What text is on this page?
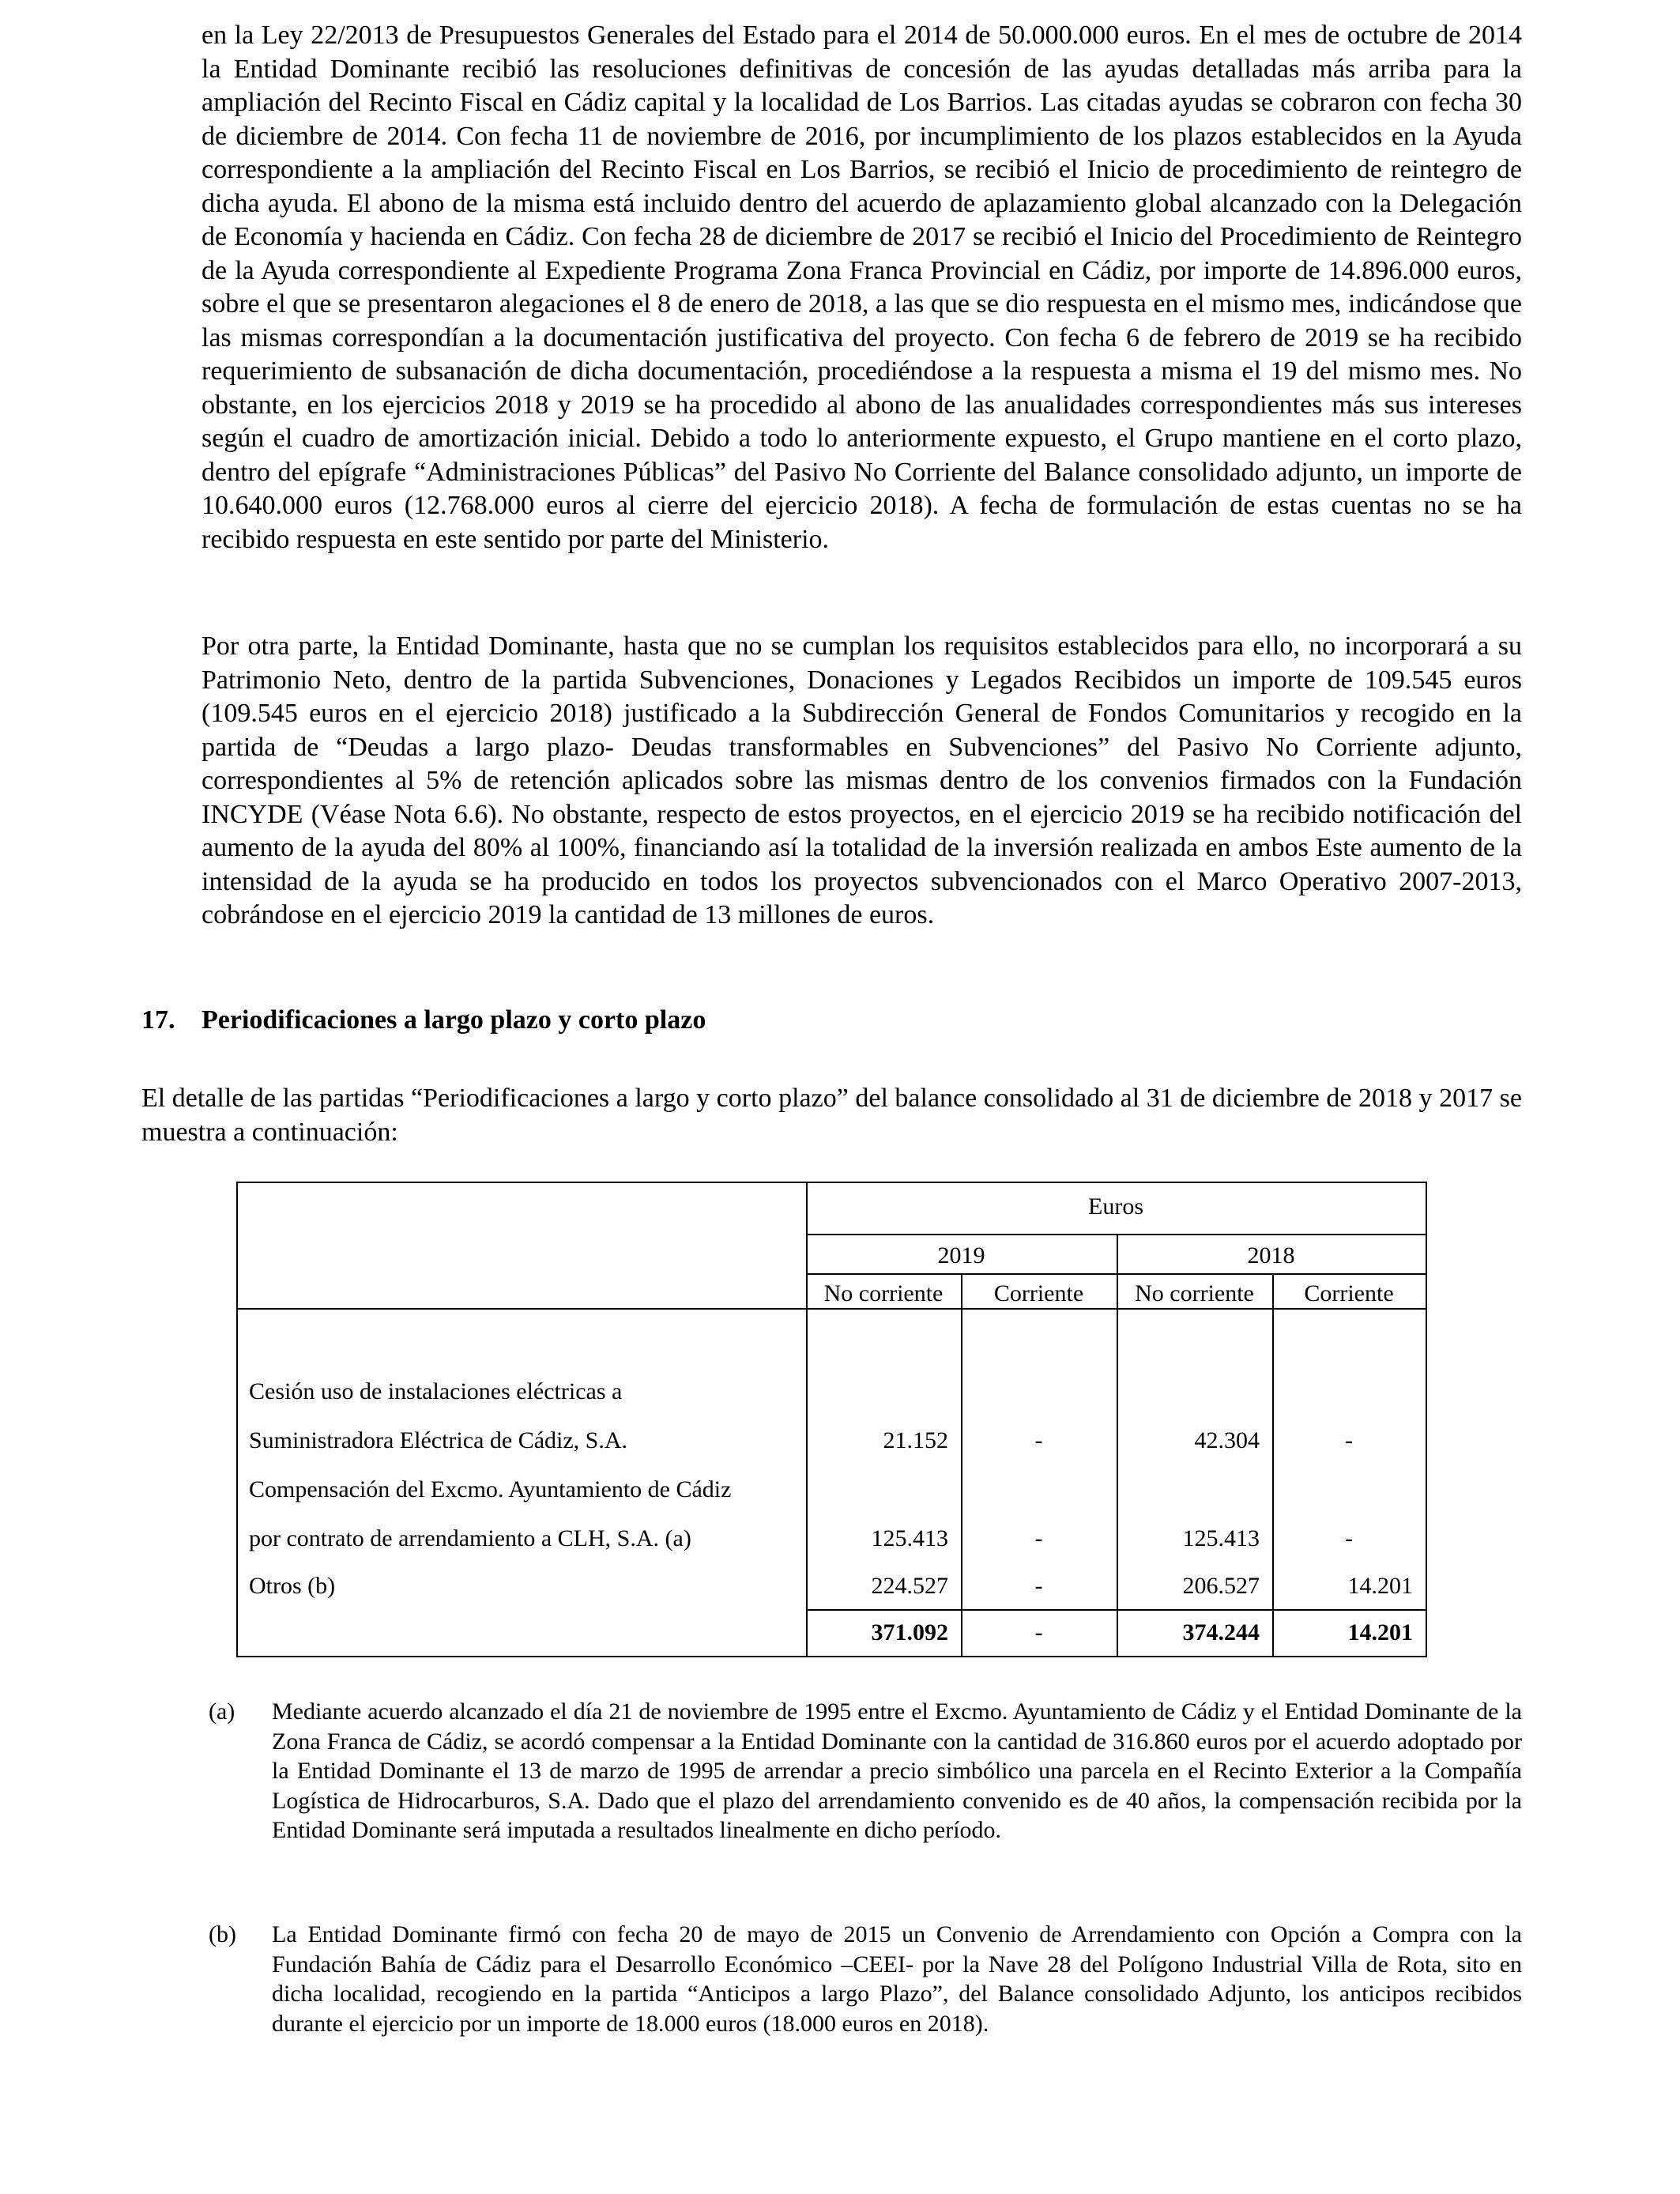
en la Ley 22/2013 de Presupuestos Generales del Estado para el 2014 de 50.000.000 euros. En el mes de octubre de 2014 la Entidad Dominante recibió las resoluciones definitivas de concesión de las ayudas detalladas más arriba para la ampliación del Recinto Fiscal en Cádiz capital y la localidad de Los Barrios. Las citadas ayudas se cobraron con fecha 30 de diciembre de 2014. Con fecha 11 de noviembre de 2016, por incumplimiento de los plazos establecidos en la Ayuda correspondiente a la ampliación del Recinto Fiscal en Los Barrios, se recibió el Inicio de procedimiento de reintegro de dicha ayuda. El abono de la misma está incluido dentro del acuerdo de aplazamiento global alcanzado con la Delegación de Economía y hacienda en Cádiz. Con fecha 28 de diciembre de 2017 se recibió el Inicio del Procedimiento de Reintegro de la Ayuda correspondiente al Expediente Programa Zona Franca Provincial en Cádiz, por importe de 14.896.000 euros, sobre el que se presentaron alegaciones el 8 de enero de 2018, a las que se dio respuesta en el mismo mes, indicándose que las mismas correspondían a la documentación justificativa del proyecto. Con fecha 6 de febrero de 2019 se ha recibido requerimiento de subsanación de dicha documentación, procediéndose a la respuesta a misma el 19 del mismo mes. No obstante, en los ejercicios 2018 y 2019 se ha procedido al abono de las anualidades correspondientes más sus intereses según el cuadro de amortización inicial. Debido a todo lo anteriormente expuesto, el Grupo mantiene en el corto plazo, dentro del epígrafe “Administraciones Públicas” del Pasivo No Corriente del Balance consolidado adjunto, un importe de 10.640.000 euros (12.768.000 euros al cierre del ejercicio 2018). A fecha de formulación de estas cuentas no se ha recibido respuesta en este sentido por parte del Ministerio.

Por otra parte, la Entidad Dominante, hasta que no se cumplan los requisitos establecidos para ello, no incorporará a su Patrimonio Neto, dentro de la partida Subvenciones, Donaciones y Legados Recibidos un importe de 109.545 euros (109.545 euros en el ejercicio 2018) justificado a la Subdirección General de Fondos Comunitarios y recogido en la partida de “Deudas a largo plazo- Deudas transformables en Subvenciones” del Pasivo No Corriente adjunto, correspondientes al 5% de retención aplicados sobre las mismas dentro de los convenios firmados con la Fundación INCYDE (Véase Nota 6.6). No obstante, respecto de estos proyectos, en el ejercicio 2019 se ha recibido notificación del aumento de la ayuda del 80% al 100%, financiando así la totalidad de la inversión realizada en ambos Este aumento de la intensidad de la ayuda se ha producido en todos los proyectos subvencionados con el Marco Operativo 2007-2013, cobrándose en el ejercicio 2019 la cantidad de 13 millones de euros.

17. Periodificaciones a largo plazo y corto plazo

El detalle de las partidas “Periodificaciones a largo y corto plazo” del balance consolidado al 31 de diciembre de 2018 y 2017 se muestra a continuación:

Euros
2019	2018
No corriente	Corriente	No corriente	Corriente
Cesión uso de instalaciones eléctricas a
Suministradora Eléctrica de Cádiz, S.A.	21.152	-	42.304	-
Compensación del Excmo. Ayuntamiento de Cádiz
por contrato de arrendamiento a CLH, S.A. (a)	125.413	-	125.413	-
Otros (b)	224.527	-	206.527	14.201
371.092	-	374.244	14.201
(a) Mediante acuerdo alcanzado el día 21 de noviembre de 1995 entre el Excmo. Ayuntamiento de Cádiz y el Entidad Dominante de la Zona Franca de Cádiz, se acordó compensar a la Entidad Dominante con la cantidad de 316.860 euros por el acuerdo adoptado por la Entidad Dominante el 13 de marzo de 1995 de arrendar a precio simbólico una parcela en el Recinto Exterior a la Compañía Logística de Hidrocarburos, S.A. Dado que el plazo del arrendamiento convenido es de 40 años, la compensación recibida por la Entidad Dominante será imputada a resultados linealmente en dicho período.
(b) La Entidad Dominante firmó con fecha 20 de mayo de 2015 un Convenio de Arrendamiento con Opción a Compra con la Fundación Bahía de Cádiz para el Desarrollo Económico –CEEI- por la Nave 28 del Polígono Industrial Villa de Rota, sito en dicha localidad, recogiendo en la partida “Anticipos a largo Plazo”, del Balance consolidado Adjunto, los anticipos recibidos durante el ejercicio por un importe de 18.000 euros (18.000 euros en 2018).
